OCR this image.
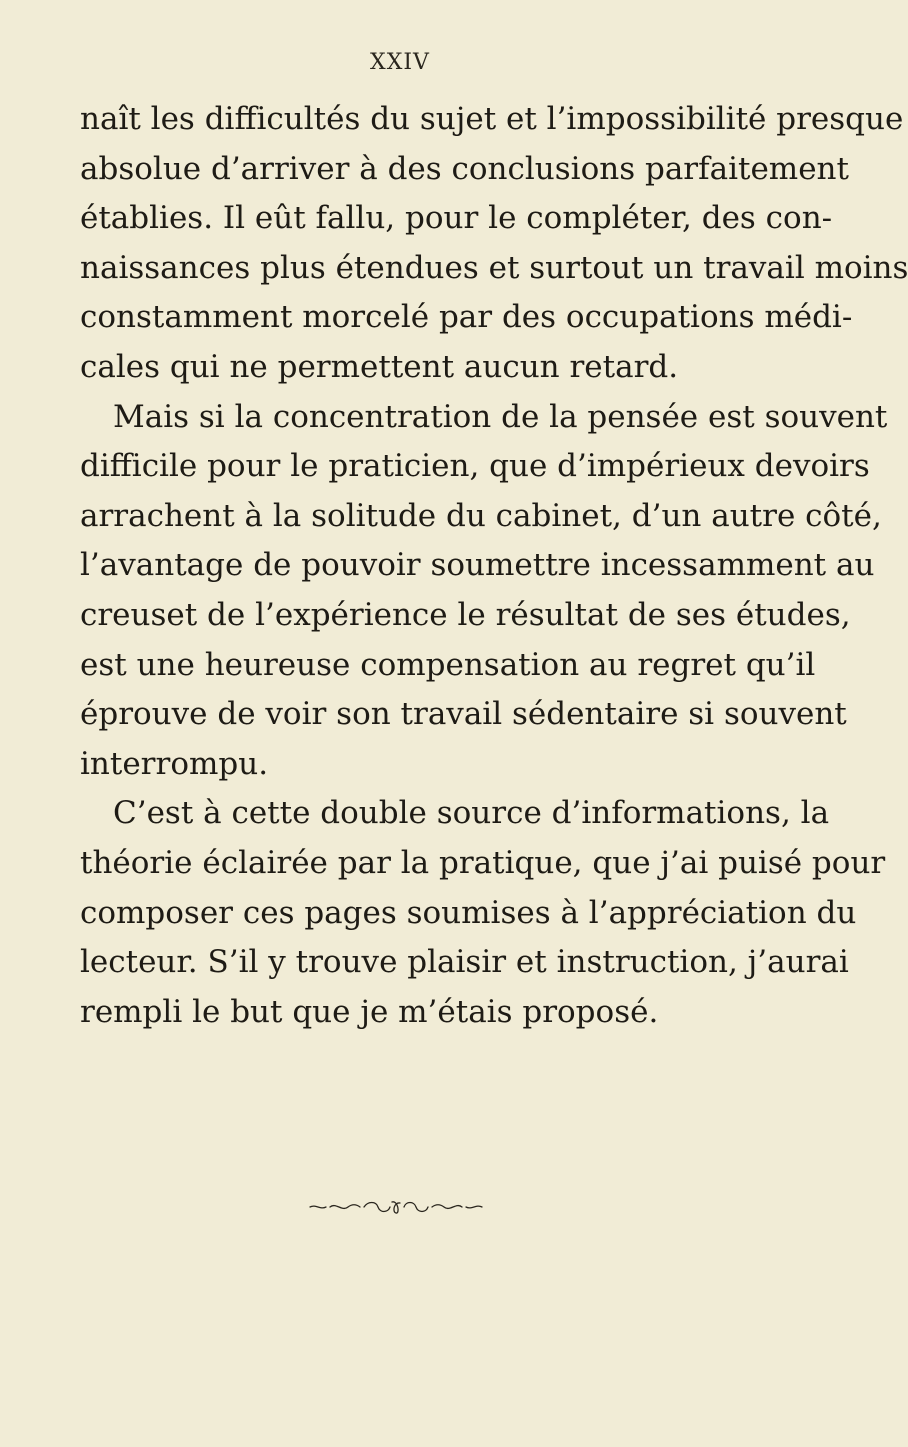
XXIV
naît les difficultés du sujet et l’impossibilité presque
absolue d’arriver à des conclusions parfaitement
établies. Il eût fallu, pour le compléter, des con-
naissances plus étendues et surtout un travail moins
constamment morcelé par des occupations médi-
cales qui ne permettent aucun retard.
Mais si la concentration de la pensée est souvent
difficile pour le praticien, que d’impérieux devoirs
arrachent à la solitude du cabinet, d’un autre côté,
l’avantage de pouvoir soumettre incessamment au
creuset de l’expérience le résultat de ses études,
est une heureuse compensation au regret qu’il
éprouve de voir son travail sédentaire si souvent
interrompu.
C’est à cette double source d’informations, la
théorie éclairée par la pratique, que j’ai puisé pour
composer ces pages soumises à l’appréciation du
lecteur. S’il y trouve plaisir et instruction, j’aurai
rempli le but que je m’étais proposé.
